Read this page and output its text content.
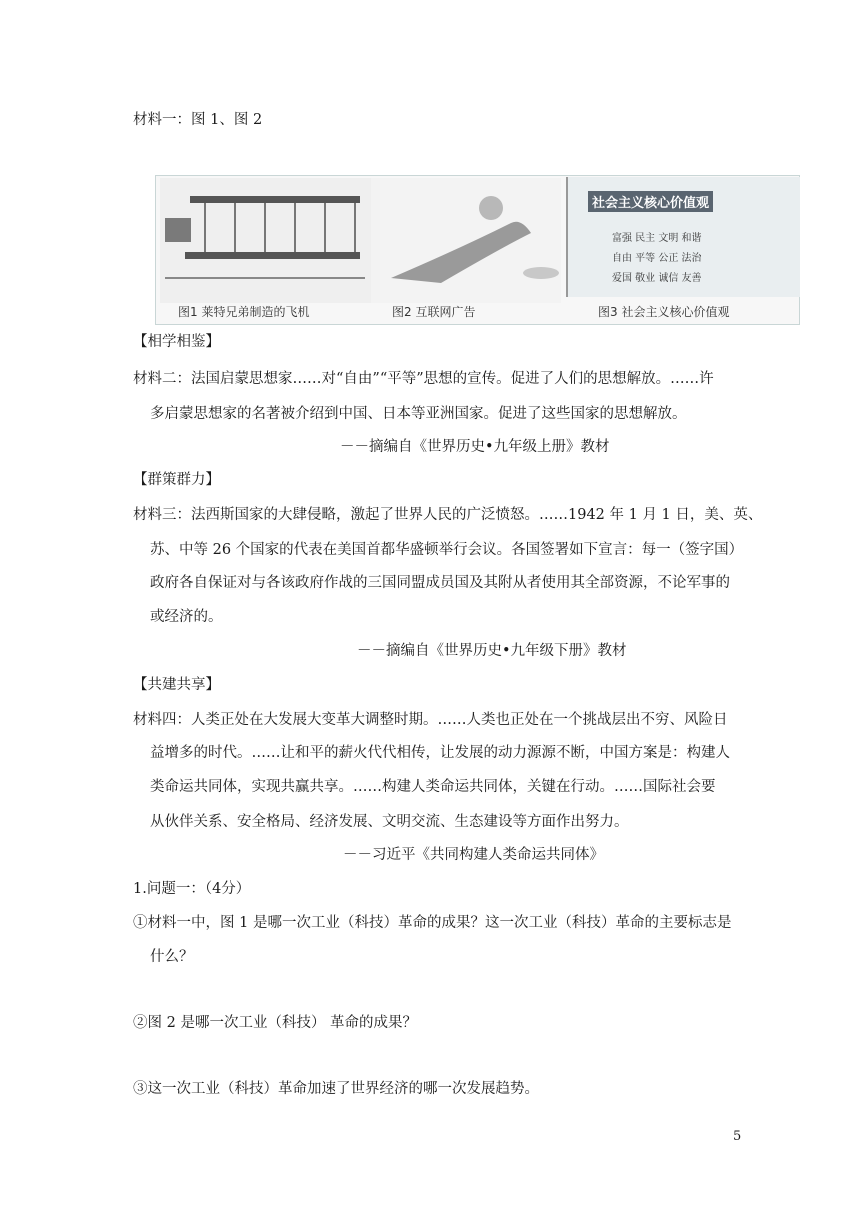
材料一：图 1、图 2
社会主义核心价值观
富强 民主 文明 和谐
自由 平等 公正 法治
爱国 敬业 诚信 友善
图1 莱特兄弟制造的飞机	图2 互联网广告	图3 社会主义核心价值观
【相学相鉴】
材料二：法国启蒙思想家……对“自由”“平等”思想的宣传。促进了人们的思想解放。……许
多启蒙思想家的名著被介绍到中国、日本等亚洲国家。促进了这些国家的思想解放。
－－摘编自《世界历史•九年级上册》教材
【群策群力】
材料三：法西斯国家的大肆侵略，激起了世界人民的广泛愤怒。……1942 年 1 月 1 日，美、英、
苏、中等 26 个国家的代表在美国首都华盛顿举行会议。各国签署如下宣言：每一（签字国）
政府各自保证对与各该政府作战的三国同盟成员国及其附从者使用其全部资源，不论军事的
或经济的。
－－摘编自《世界历史•九年级下册》教材
【共建共享】
材料四：人类正处在大发展大变革大调整时期。……人类也正处在一个挑战层出不穷、风险日
益增多的时代。……让和平的薪火代代相传，让发展的动力源源不断，中国方案是：构建人
类命运共同体，实现共赢共享。……构建人类命运共同体，关键在行动。……国际社会要
从伙伴关系、安全格局、经济发展、文明交流、生态建设等方面作出努力。
－－习近平《共同构建人类命运共同体》
1.问题一：（4分）
①材料一中，图 1 是哪一次工业（科技）革命的成果？这一次工业（科技）革命的主要标志是
什么？
②图 2 是哪一次工业（科技） 革命的成果？
③这一次工业（科技）革命加速了世界经济的哪一次发展趋势。
5
